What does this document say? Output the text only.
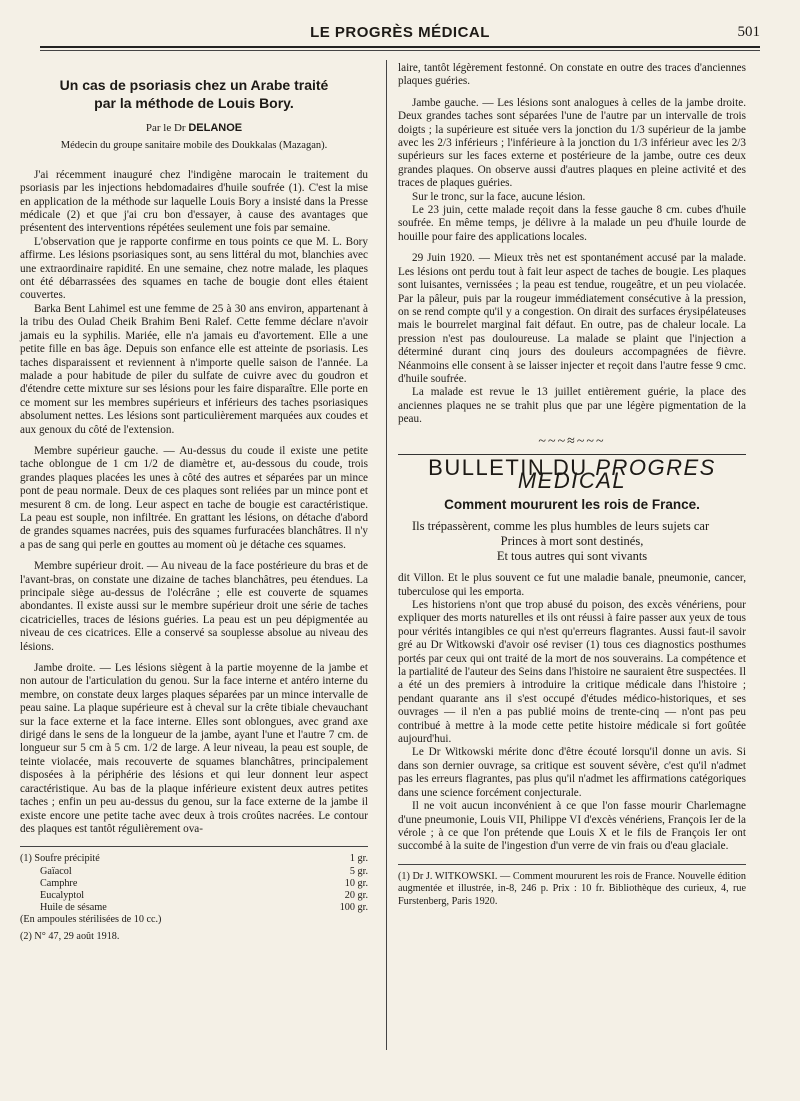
LE PROGRÈS MÉDICAL	501
Un cas de psoriasis chez un Arabe traité
par la méthode de Louis Bory.
Par le Dr DELANOE
Médecin du groupe sanitaire mobile des Doukkalas (Mazagan).

J'ai récemment inauguré chez l'indigène marocain le traitement du psoriasis par les injections hebdomadaires d'huile soufrée (1). C'est la mise en application de la méthode sur laquelle Louis Bory a insisté dans la Presse médicale (2) et que j'ai cru bon d'essayer, à cause des avantages que présentent des interventions répétées seulement une fois par semaine.

L'observation que je rapporte confirme en tous points ce que M. L. Bory affirme. Les lésions psoriasiques sont, au sens littéral du mot, blanchies avec une extraordinaire rapidité. En une semaine, chez notre malade, les plaques ont été débarrassées des squames en tache de bougie dont elles étaient couvertes.

Barka Bent Lahimel est une femme de 25 à 30 ans environ, appartenant à la tribu des Oulad Cheik Brahim Beni Ralef. Cette femme déclare n'avoir jamais eu la syphilis. Mariée, elle n'a jamais eu d'avortement. Elle a une petite fille en bas âge. Depuis son enfance elle est atteinte de psoriasis. Les taches disparaissent et reviennent à n'importe quelle saison de l'année. La malade a pour habitude de piler du sulfate de cuivre avec du goudron et d'étendre cette mixture sur ses lésions pour les faire disparaître. Elle porte en ce moment sur les membres supérieurs et inférieurs des taches psoriasiques absolument nettes. Les lésions sont particulièrement marquées aux coudes et aux genoux du côté de l'extension.

Membre supérieur gauche. — Au-dessus du coude il existe une petite tache oblongue de 1 cm 1/2 de diamètre et, au-dessous du coude, trois grandes plaques placées les unes à côté des autres et séparées par un mince pont de peau normale. Deux de ces plaques sont reliées par un mince pont et mesurent 8 cm. de long. Leur aspect en tache de bougie est caractéristique. La peau est souple, non infiltrée. En grattant les lésions, on détache d'abord de grandes squames nacrées, puis des squames furfuracées blanchâtres. Il n'y a pas de sang qui perle en gouttes au moment où je détache ces squames.

Membre supérieur droit. — Au niveau de la face postérieure du bras et de l'avant-bras, on constate une dizaine de taches blanchâtres, peu étendues. La principale siège au-dessus de l'olécrâne ; elle est couverte de squames abondantes. Il existe aussi sur le membre supérieur droit une série de taches cicatricielles, traces de lésions guéries. La peau est un peu dépigmentée au niveau de ces cicatrices. Elle a conservé sa souplesse absolue au niveau des lésions.

Jambe droite. — Les lésions siègent à la partie moyenne de la jambe et non autour de l'articulation du genou. Sur la face interne et antéro interne du membre, on constate deux larges plaques séparées par un mince intervalle de peau saine. La plaque supérieure est à cheval sur la crête tibiale chevauchant sur la face externe et la face interne. Elles sont oblongues, avec grand axe dirigé dans le sens de la longueur de la jambe, ayant l'une et l'autre 7 cm. de longueur sur 5 cm à 5 cm. 1/2 de large. A leur niveau, la peau est souple, de teinte violacée, mais recouverte de squames blanchâtres, principalement disposées à la périphérie des lésions et qui leur donnent leur aspect caractéristique. Au bas de la plaque inférieure existent deux autres petites taches ; enfin un peu au-dessus du genou, sur la face externe de la jambe il existe encore une petite tache avec deux à trois croûtes nacrées. Le contour des plaques est tantôt régulièrement ova-

(1) Soufre précipité	1 gr.
Gaïacol	5 gr.
Camphre	10 gr.
Eucalyptol	20 gr.
Huile de sésame	100 gr.
(En ampoules stérilisées de 10 cc.)
(2) N° 47, 29 août 1918.

laire, tantôt légèrement festonné. On constate en outre des traces d'anciennes plaques guéries.

Jambe gauche. — Les lésions sont analogues à celles de la jambe droite. Deux grandes taches sont séparées l'une de l'autre par un intervalle de trois doigts ; la supérieure est située vers la jonction du 1/3 supérieur de la jambe avec les 2/3 inférieurs ; l'inférieure à la jonction du 1/3 inférieur avec les 2/3 supérieurs sur les faces externe et postérieure de la jambe, outre ces deux grandes plaques. On observe aussi d'autres plaques en pleine activité et des traces de plaques guéries.

Sur le tronc, sur la face, aucune lésion.

Le 23 juin, cette malade reçoit dans la fesse gauche 8 cm. cubes d'huile soufrée. En même temps, je délivre à la malade un peu d'huile lourde de houille pour faire des applications locales.

29 Juin 1920. — Mieux très net est spontanément accusé par la malade. Les lésions ont perdu tout à fait leur aspect de taches de bougie. Les plaques sont luisantes, vernissées ; la peau est tendue, rougeâtre, et un peu violacée. Par la pâleur, puis par la rougeur immédiatement consécutive à la pression, on se rend compte qu'il y a congestion. On dirait des surfaces érysipélateuses mais le bourrelet marginal fait défaut. En outre, pas de chaleur locale. La pression n'est pas douloureuse. La malade se plaint que l'injection a déterminé durant cinq jours des douleurs accompagnées de fièvre. Néanmoins elle consent à se laisser injecter et reçoit dans l'autre fesse 9 cmc. d'huile soufrée.

La malade est revue le 13 juillet entièrement guérie, la place des anciennes plaques ne se trahit plus que par une légère pigmentation de la peau.

~~~≈~~~
BULLETIN DU PROGRES MEDICAL
Comment moururent les rois de France.

Ils trépassèrent, comme les plus humbles de leurs sujets car

Princes à mort sont destinés,

Et tous autres qui sont vivants

dit Villon. Et le plus souvent ce fut une maladie banale, pneumonie, cancer, tuberculose qui les emporta.

Les historiens n'ont que trop abusé du poison, des excès vénériens, pour expliquer des morts naturelles et ils ont réussi à faire passer aux yeux de tous pour vérités intangibles ce qui n'est qu'erreurs flagrantes. Aussi faut-il savoir gré au Dr Witkowski d'avoir osé reviser (1) tous ces diagnostics posthumes portés par ceux qui ont traité de la mort de nos souverains. La compétence et la partialité de l'auteur des Seins dans l'histoire ne sauraient être suspectées. Il a été un des premiers à introduire la critique médicale dans l'histoire ; pendant quarante ans il s'est occupé d'études médico-historiques, et ses ouvrages — il n'en a pas publié moins de trente-cinq — n'ont pas peu contribué à mettre à la mode cette petite histoire médicale si fort goûtée aujourd'hui.

Le Dr Witkowski mérite donc d'être écouté lorsqu'il donne un avis. Si dans son dernier ouvrage, sa critique est souvent sévère, c'est qu'il n'admet pas les erreurs flagrantes, pas plus qu'il n'admet les affirmations catégoriques dans une science forcément conjecturale.

Il ne voit aucun inconvénient à ce que l'on fasse mourir Charlemagne d'une pneumonie, Louis VII, Philippe VI d'excès vénériens, François Ier de la vérole ; à ce que l'on prétende que Louis X et le fils de François Ier ont succombé à la suite de l'ingestion d'un verre de vin frais ou d'eau glaciale.

(1) Dr J. WITKOWSKI. — Comment moururent les rois de France. Nouvelle édition augmentée et illustrée, in-8, 246 p. Prix : 10 fr. Bibliothèque des curieux, 4, rue Furstenberg, Paris 1920.
